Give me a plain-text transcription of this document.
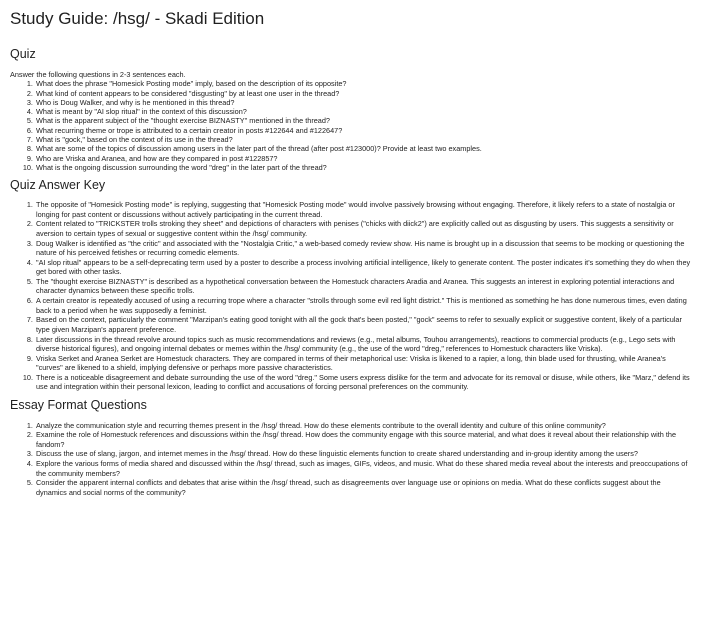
Study Guide: /hsg/ - Skadi Edition
Quiz

Answer the following questions in 2-3 sentences each.

1. What does the phrase "Homesick Posting mode" imply, based on the description of its opposite?
2. What kind of content appears to be considered "disgusting" by at least one user in the thread?
3. Who is Doug Walker, and why is he mentioned in this thread?
4. What is meant by "AI slop ritual" in the context of this discussion?
5. What is the apparent subject of the "thought exercise BIZNASTY" mentioned in the thread?
6. What recurring theme or trope is attributed to a certain creator in posts #122644 and #122647?
7. What is "gock," based on the context of its use in the thread?
8. What are some of the topics of discussion among users in the later part of the thread (after post #123000)? Provide at least two examples.
9. Who are Vriska and Aranea, and how are they compared in post #122857?
10. What is the ongoing discussion surrounding the word "dreg" in the later part of the thread?
Quiz Answer Key
1. The opposite of "Homesick Posting mode" is replying, suggesting that "Homesick Posting mode" would involve passively browsing without engaging. Therefore, it likely refers to a state of nostalgia or longing for past content or discussions without actively participating in the current thread.
2. Content related to "TRICKSTER trolls stroking they sheet" and depictions of characters with penises ("chicks with diick2") are explicitly called out as disgusting by users. This suggests a sensitivity or aversion to certain types of sexual or suggestive content within the /hsg/ community.
3. Doug Walker is identified as "the critic" and associated with the "Nostalgia Critic," a web-based comedy review show. His name is brought up in a discussion that seems to be mocking or questioning the nature of his perceived fetishes or recurring comedic elements.
4. "AI slop ritual" appears to be a self-deprecating term used by a poster to describe a process involving artificial intelligence, likely to generate content. The poster indicates it's something they do when they get bored with other tasks.
5. The "thought exercise BIZNASTY" is described as a hypothetical conversation between the Homestuck characters Aradia and Aranea. This suggests an interest in exploring potential interactions and character dynamics between these specific trolls.
6. A certain creator is repeatedly accused of using a recurring trope where a character "strolls through some evil red light district." This is mentioned as something he has done numerous times, even dating back to a period when he was supposedly a feminist.
7. Based on the context, particularly the comment "Marzipan's eating good tonight with all the gock that's been posted," "gock" seems to refer to sexually explicit or suggestive content, likely of a particular type given Marzipan's apparent preference.
8. Later discussions in the thread revolve around topics such as music recommendations and reviews (e.g., metal albums, Touhou arrangements), reactions to commercial products (e.g., Lego sets with diverse historical figures), and ongoing internal debates or memes within the /hsg/ community (e.g., the use of the word "dreg," references to Homestuck characters like Vriska).
9. Vriska Serket and Aranea Serket are Homestuck characters. They are compared in terms of their metaphorical use: Vriska is likened to a rapier, a long, thin blade used for thrusting, while Aranea's "curves" are likened to a shield, implying defensive or perhaps more passive characteristics.
10. There is a noticeable disagreement and debate surrounding the use of the word "dreg." Some users express dislike for the term and advocate for its removal or disuse, while others, like "Marz," defend its use and integration within their personal lexicon, leading to conflict and accusations of forcing personal preferences on the community.
Essay Format Questions
1. Analyze the communication style and recurring themes present in the /hsg/ thread. How do these elements contribute to the overall identity and culture of this online community?
2. Examine the role of Homestuck references and discussions within the /hsg/ thread. How does the community engage with this source material, and what does it reveal about their relationship with the fandom?
3. Discuss the use of slang, jargon, and internet memes in the /hsg/ thread. How do these linguistic elements function to create shared understanding and in-group identity among the users?
4. Explore the various forms of media shared and discussed within the /hsg/ thread, such as images, GIFs, videos, and music. What do these shared media reveal about the interests and preoccupations of the community members?
5. Consider the apparent internal conflicts and debates that arise within the /hsg/ thread, such as disagreements over language use or opinions on media. What do these conflicts suggest about the dynamics and social norms of the community?
